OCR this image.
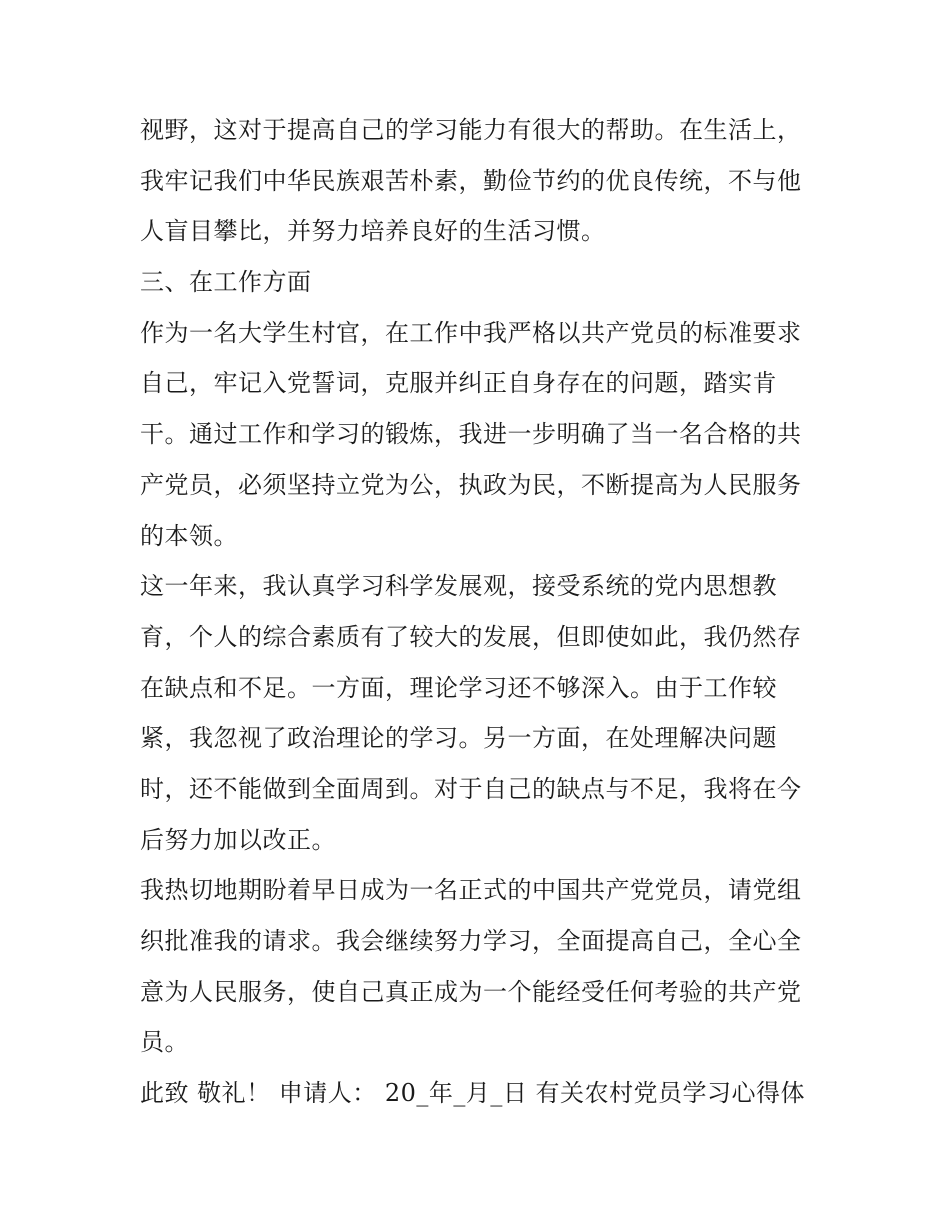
视野，这对于提高自己的学习能力有很大的帮助。在生活上，
我牢记我们中华民族艰苦朴素，勤俭节约的优良传统，不与他
人盲目攀比，并努力培养良好的生活习惯。
三、在工作方面
作为一名大学生村官，在工作中我严格以共产党员的标准要求
自己，牢记入党誓词，克服并纠正自身存在的问题，踏实肯
干。通过工作和学习的锻炼，我进一步明确了当一名合格的共
产党员，必须坚持立党为公，执政为民，不断提高为人民服务
的本领。
这一年来，我认真学习科学发展观，接受系统的党内思想教
育，个人的综合素质有了较大的发展，但即使如此，我仍然存
在缺点和不足。一方面，理论学习还不够深入。由于工作较
紧，我忽视了政治理论的学习。另一方面，在处理解决问题
时，还不能做到全面周到。对于自己的缺点与不足，我将在今
后努力加以改正。
我热切地期盼着早日成为一名正式的中国共产党党员，请党组
织批准我的请求。我会继续努力学习，全面提高自己，全心全
意为人民服务，使自己真正成为一个能经受任何考验的共产党
员。
此致 敬礼！ 申请人： 20_年_月_日 有关农村党员学习心得体
